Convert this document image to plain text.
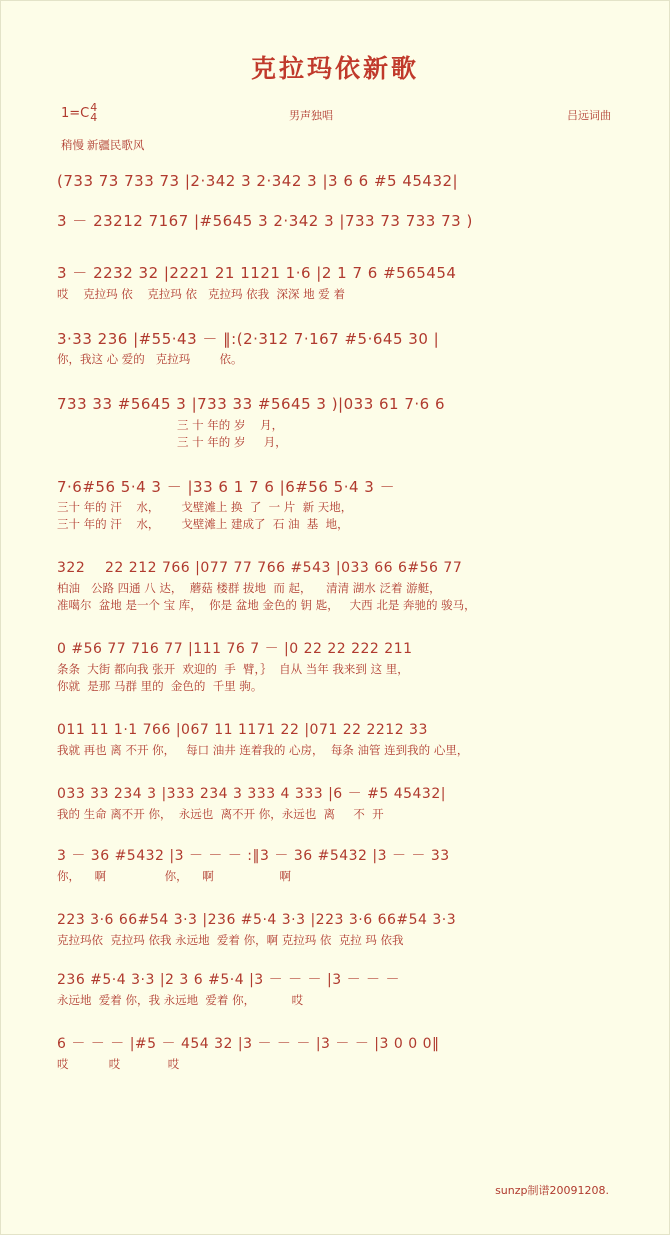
克拉玛依新歌
1=C 4
4	男声独唱	吕远词曲
稍慢 新疆民歌风
(733 73 733 73 |2·342 3 2·342 3 |3 6 6 #5 45432|
3 － 23212 7167 |#5645 3 2·342 3 |733 73 733 73 )
3 － 2232 32 |2221 21 1121 1·6 |2 1 7 6 #565454
哎    克拉玛 依    克拉玛 依   克拉玛 依我  深深 地 爱 着
3·33 236 |#55·43 － ‖:(2·312 7·167 #5·645 30 |
你，我这 心 爱的   克拉玛        依。
733 33 #5645 3 |733 33 #5645 3 )|033 61 7·6 6
三 十 年的 岁    月，
三 十 年的 岁     月，
7·6#56 5·4 3 － |33 6 1 7 6 |6#56 5·4 3 －
三十 年的 汗    水，      戈壁滩上 换  了  一 片  新 天地，
三十 年的 汗    水，      戈壁滩上 建成了  石 油  基  地，
322    22 212 766 |077 77 766 #543 |033 66 6#56 77
柏油   公路 四通 八 达，  蘑菇 楼群 拔地  而 起，    清清 湖水 泛着 游艇，
准噶尔  盆地 是一个 宝 库，  你是 盆地 金色的 钥 匙，   大西 北是 奔驰的 骏马，
0 #56 77 716 77 |111 76 7 － |0 22 22 222 211
条条  大街 都向我 张开  欢迎的  手  臂，｝  自从 当年 我来到 这 里，
你就  是那 马群 里的  金色的  千里 驹。
011 11 1·1 766 |067 11 1171 22 |071 22 2212 33
我就 再也 离 不开 你，   每口 油井 连着我的 心房，  每条 油管 连到我的 心里，
033 33 234 3 |333 234 3 333 4 333 |6 － #5 45432|
我的 生命 离不开 你，  永远也  离不开 你，永远也  离     不  开
3 － 36 #5432 |3 － － － :‖3 － 36 #5432 |3 － － 33
你，    啊                你，    啊                  啊
223 3·6 66#54 3·3 |236 #5·4 3·3 |223 3·6 66#54 3·3
克拉玛依  克拉玛 依我 永远地  爱着 你，啊 克拉玛 依  克拉 玛 依我
236 #5·4 3·3 |2 3 6 #5·4 |3 － － － |3 － － －
永远地  爱着 你，我 永远地  爱着 你，          哎
6 － － － |#5 － 454 32 |3 － － － |3 － － |3 0 0 0‖
哎           哎             哎
sunzp制谱20091208.
